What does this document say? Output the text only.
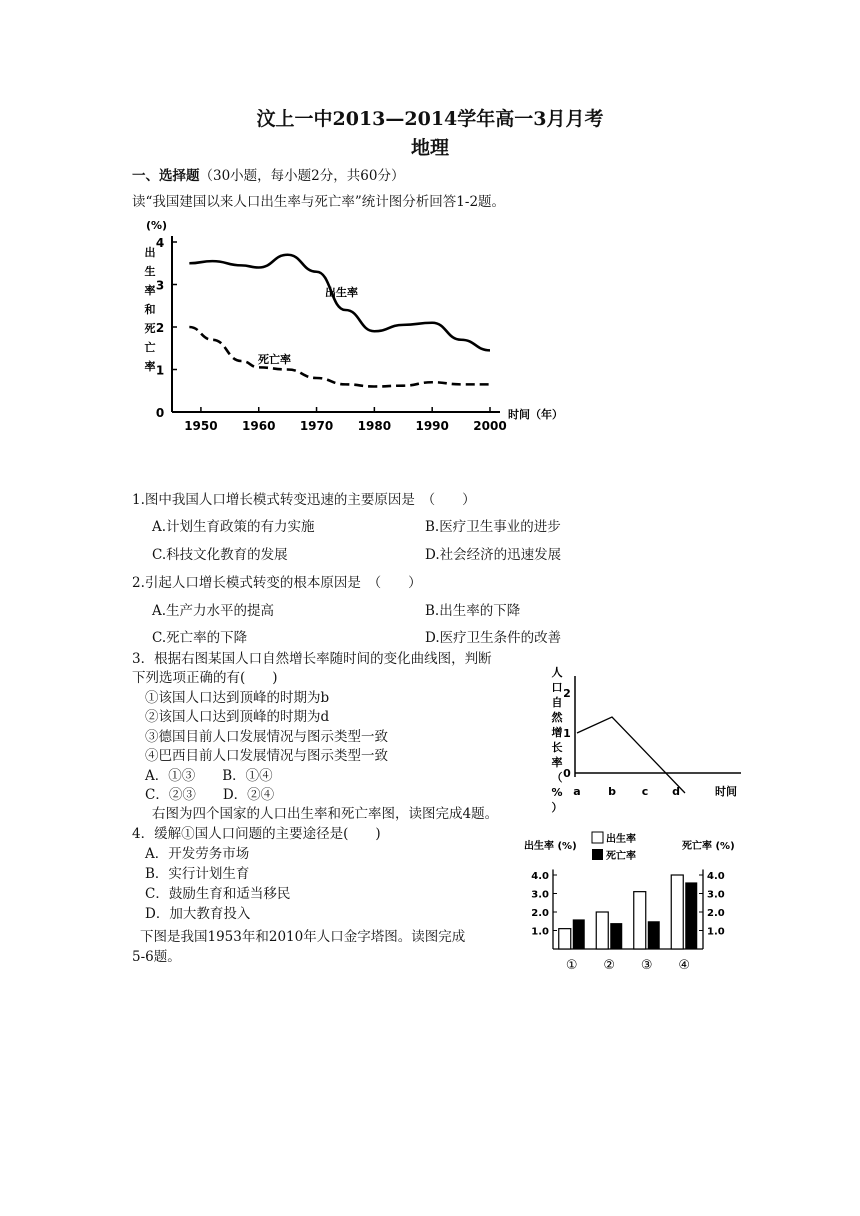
汶上一中2013—2014学年高一3月月考
地理
一、选择题（30小题，每小题2分，共60分）
读“我国建国以来人口出生率与死亡率”统计图分析回答1-2题。
(%)
出
生
率
和
死
亡
率
0
1
2
3
4
1950 1960 1970 1980 1990 2000
时间（年）
出生率
死亡率
1.图中我国人口增长模式转变迅速的主要原因是　（　　）
A.计划生育政策的有力实施	B.医疗卫生事业的进步
C.科技文化教育的发展	D.社会经济的迅速发展
2.引起人口增长模式转变的根本原因是　（　　）
A.生产力水平的提高	B.出生率的下降
C.死亡率的下降	D.医疗卫生条件的改善
3．根据右图某国人口自然增长率随时间的变化曲线图，判断
下列选项正确的有(　　)
①该国人口达到顶峰的时期为b
②该国人口达到顶峰的时期为d
③德国目前人口发展情况与图示类型一致
④巴西目前人口发展情况与图示类型一致
A．①③　　B．①④
C．②③　　D．②④
人
口
自
然
增
长
率
（
%
）
0
1
2
a b c d	时间
右图为四个国家的人口出生率和死亡率图，读图完成4题。
4．缓解①国人口问题的主要途径是(　　)
A．开发劳务市场
B．实行计划生育
C．鼓励生育和适当移民
D．加大教育投入
下图是我国1953年和2010年人口金字塔图。读图完成
5-6题。
出生率 (%)	死亡率 (%)
出生率
死亡率
1.0	1.0
2.0	2.0
3.0	3.0
4.0	4.0
① ② ③ ④
